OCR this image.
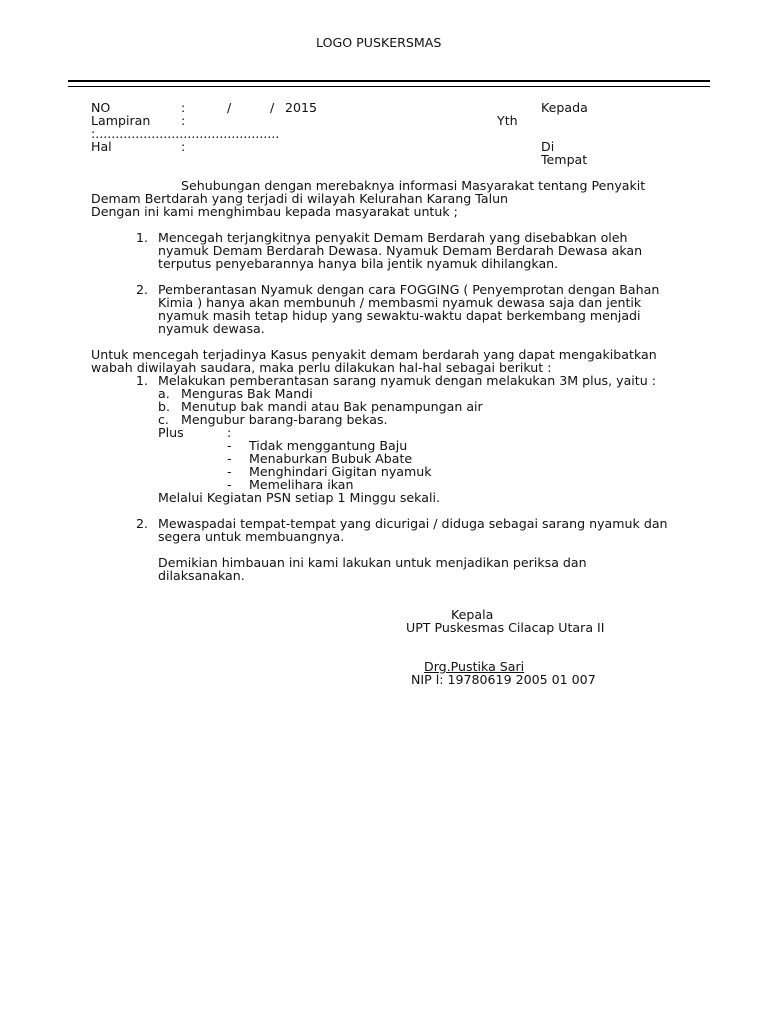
LOGO PUSKERSMAS
NO	:	/	/ 2015
Lampiran :
:..............................................
Hal	:
Kepada
Yth
Di
Tempat
Sehubungan dengan merebaknya informasi Masyarakat tentang Penyakit
Demam Bertdarah yang terjadi di wilayah Kelurahan Karang Talun
Dengan ini kami menghimbau kepada masyarakat untuk ;
1. Mencegah terjangkitnya penyakit Demam Berdarah yang disebabkan oleh
nyamuk Demam Berdarah Dewasa. Nyamuk Demam Berdarah Dewasa akan
terputus penyebarannya hanya bila jentik nyamuk dihilangkan.
2. Pemberantasan Nyamuk dengan cara FOGGING ( Penyemprotan dengan Bahan
Kimia ) hanya akan membunuh / membasmi nyamuk dewasa saja dan jentik
nyamuk masih tetap hidup yang sewaktu-waktu dapat berkembang menjadi
nyamuk dewasa.
Untuk mencegah terjadinya Kasus penyakit demam berdarah yang dapat mengakibatkan
wabah diwilayah saudara, maka perlu dilakukan hal-hal sebagai berikut :
1. Melakukan pemberantasan sarang nyamuk dengan melakukan 3M plus, yaitu :
a. Menguras Bak Mandi
b. Menutup bak mandi atau Bak penampungan air
c. Mengubur barang-barang bekas.
Plus	:
- Tidak menggantung Baju
- Menaburkan Bubuk Abate
- Menghindari Gigitan nyamuk
- Memelihara ikan
Melalui Kegiatan PSN setiap 1 Minggu sekali.
2. Mewaspadai tempat-tempat yang dicurigai / diduga sebagai sarang nyamuk dan
segera untuk membuangnya.
Demikian himbauan ini kami lakukan untuk menjadikan periksa dan
dilaksanakan.
Kepala
UPT Puskesmas Cilacap Utara II
Drg.Pustika Sari
NIP l: 19780619 2005 01 007
